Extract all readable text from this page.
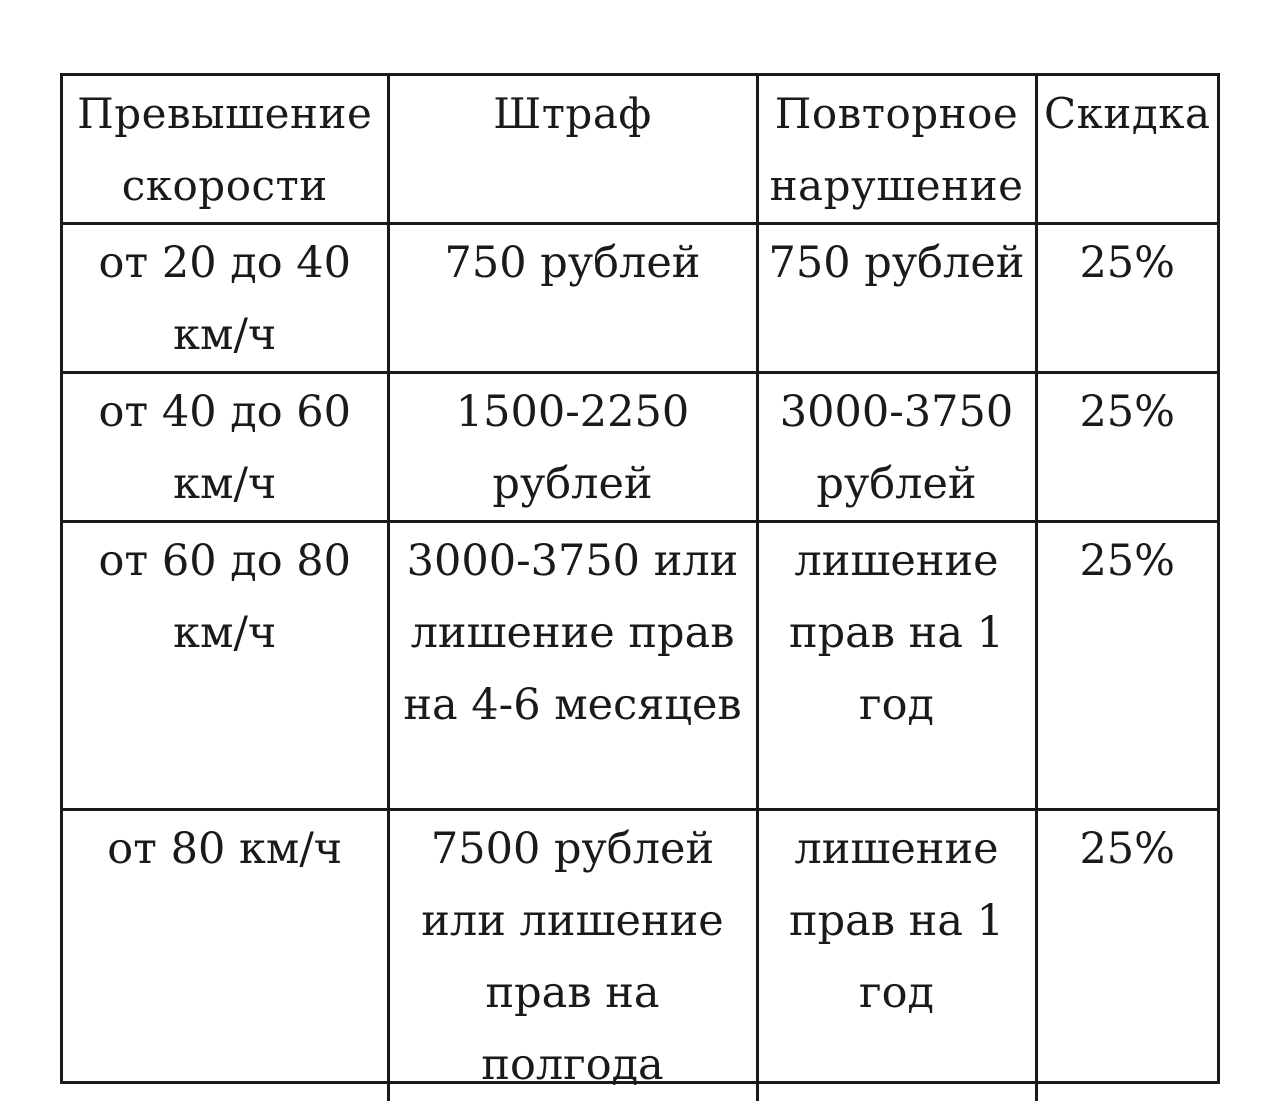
Превышение скорости	Штраф	Повторное нарушение	Скидка

от 20 до 40 км/ч	750 рублей	750 рублей	25%

от 40 до 60 км/ч	1500-2250 рублей	3000-3750 рублей	25%

от 60 до 80 км/ч	3000-3750 или лишение прав на 4-6 месяцев	лишение прав на 1 год	25%

от 80 км/ч	7500 рублей или лишение прав на полгода	лишение прав на 1 год	25%
